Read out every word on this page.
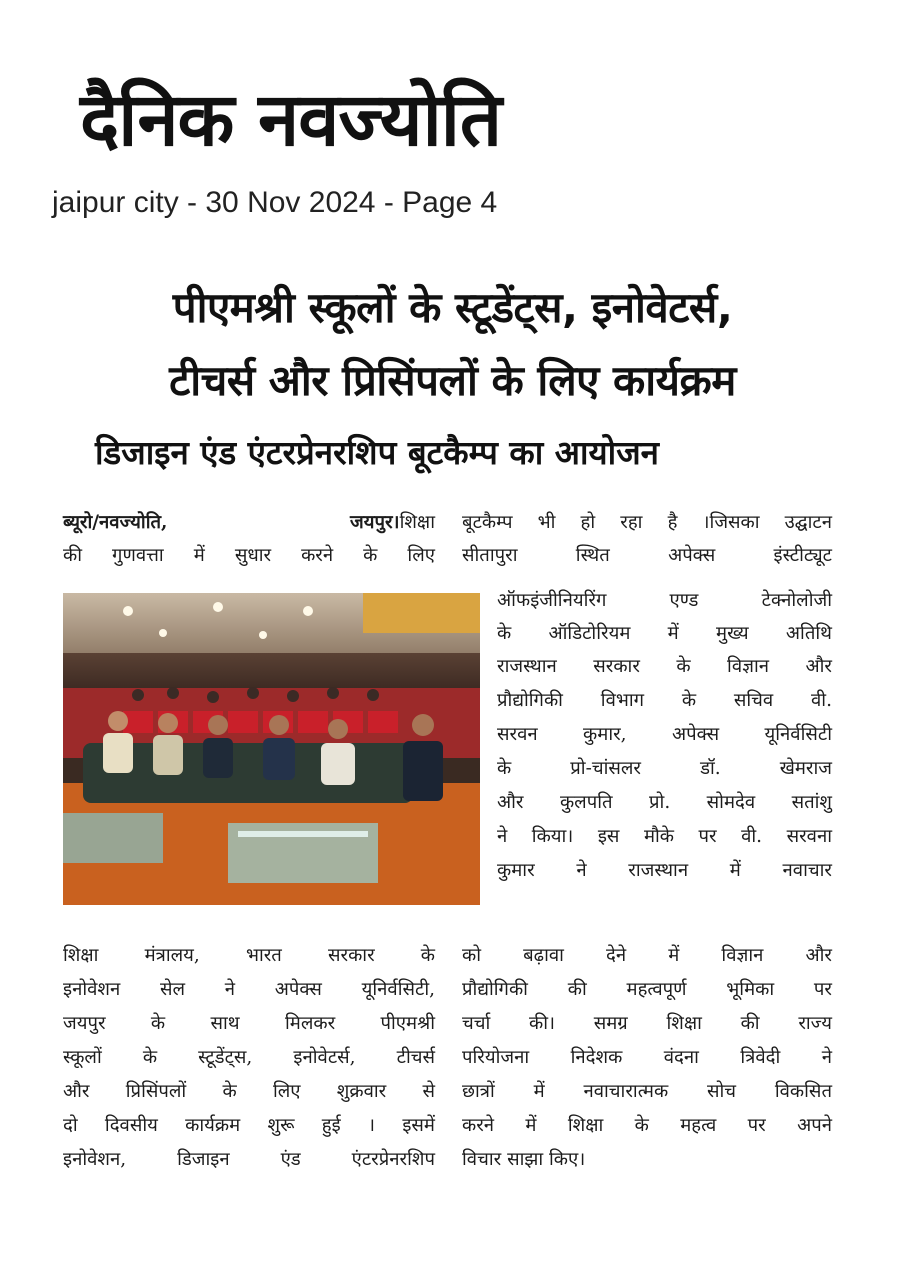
दैनिक नवज्योति
jaipur city - 30 Nov 2024 - Page 4
पीएमश्री स्कूलों के स्टूडेंट्स, इनोवेटर्स,
टीचर्स और प्रिसिंपलों के लिए कार्यक्रम
डिजाइन एंड एंटरप्रेनरशिप बूटकैम्प का आयोजन
ब्यूरो/नवज्योति, जयपुर।शिक्षा
की गुणवत्ता में सुधार करने के लिए
बूटकैम्प भी हो रहा है ।जिसका उद्घाटन
सीतापुरा स्थित अपेक्स इंस्टीट्यूट
ऑफइंजीनियरिंग एण्ड टेक्नोलोजी
के ऑडिटोरियम में मुख्य अतिथि
राजस्थान सरकार के विज्ञान और
प्रौद्योगिकी विभाग के सचिव वी.
सरवन कुमार, अपेक्स यूनिर्वसिटी
के प्रो-चांसलर डॉ. खेमराज
और कुलपति प्रो. सोमदेव सतांशु
ने किया। इस मौके पर वी. सरवना
कुमार ने राजस्थान में नवाचार
शिक्षा मंत्रालय, भारत सरकार के
इनोवेशन सेल ने अपेक्स यूनिर्वसिटी,
जयपुर के साथ मिलकर पीएमश्री
स्कूलों के स्टूडेंट्स, इनोवेटर्स, टीचर्स
और प्रिसिंपलों के लिए शुक्रवार से
दो दिवसीय कार्यक्रम शुरू हुई । इसमें
इनोवेशन, डिजाइन एंड एंटरप्रेनरशिप
को बढ़ावा देने में विज्ञान और
प्रौद्योगिकी की महत्वपूर्ण भूमिका पर
चर्चा की। समग्र शिक्षा की राज्य
परियोजना निदेशक वंदना त्रिवेदी ने
छात्रों में नवाचारात्मक सोच विकसित
करने में शिक्षा के महत्व पर अपने
विचार साझा किए।
